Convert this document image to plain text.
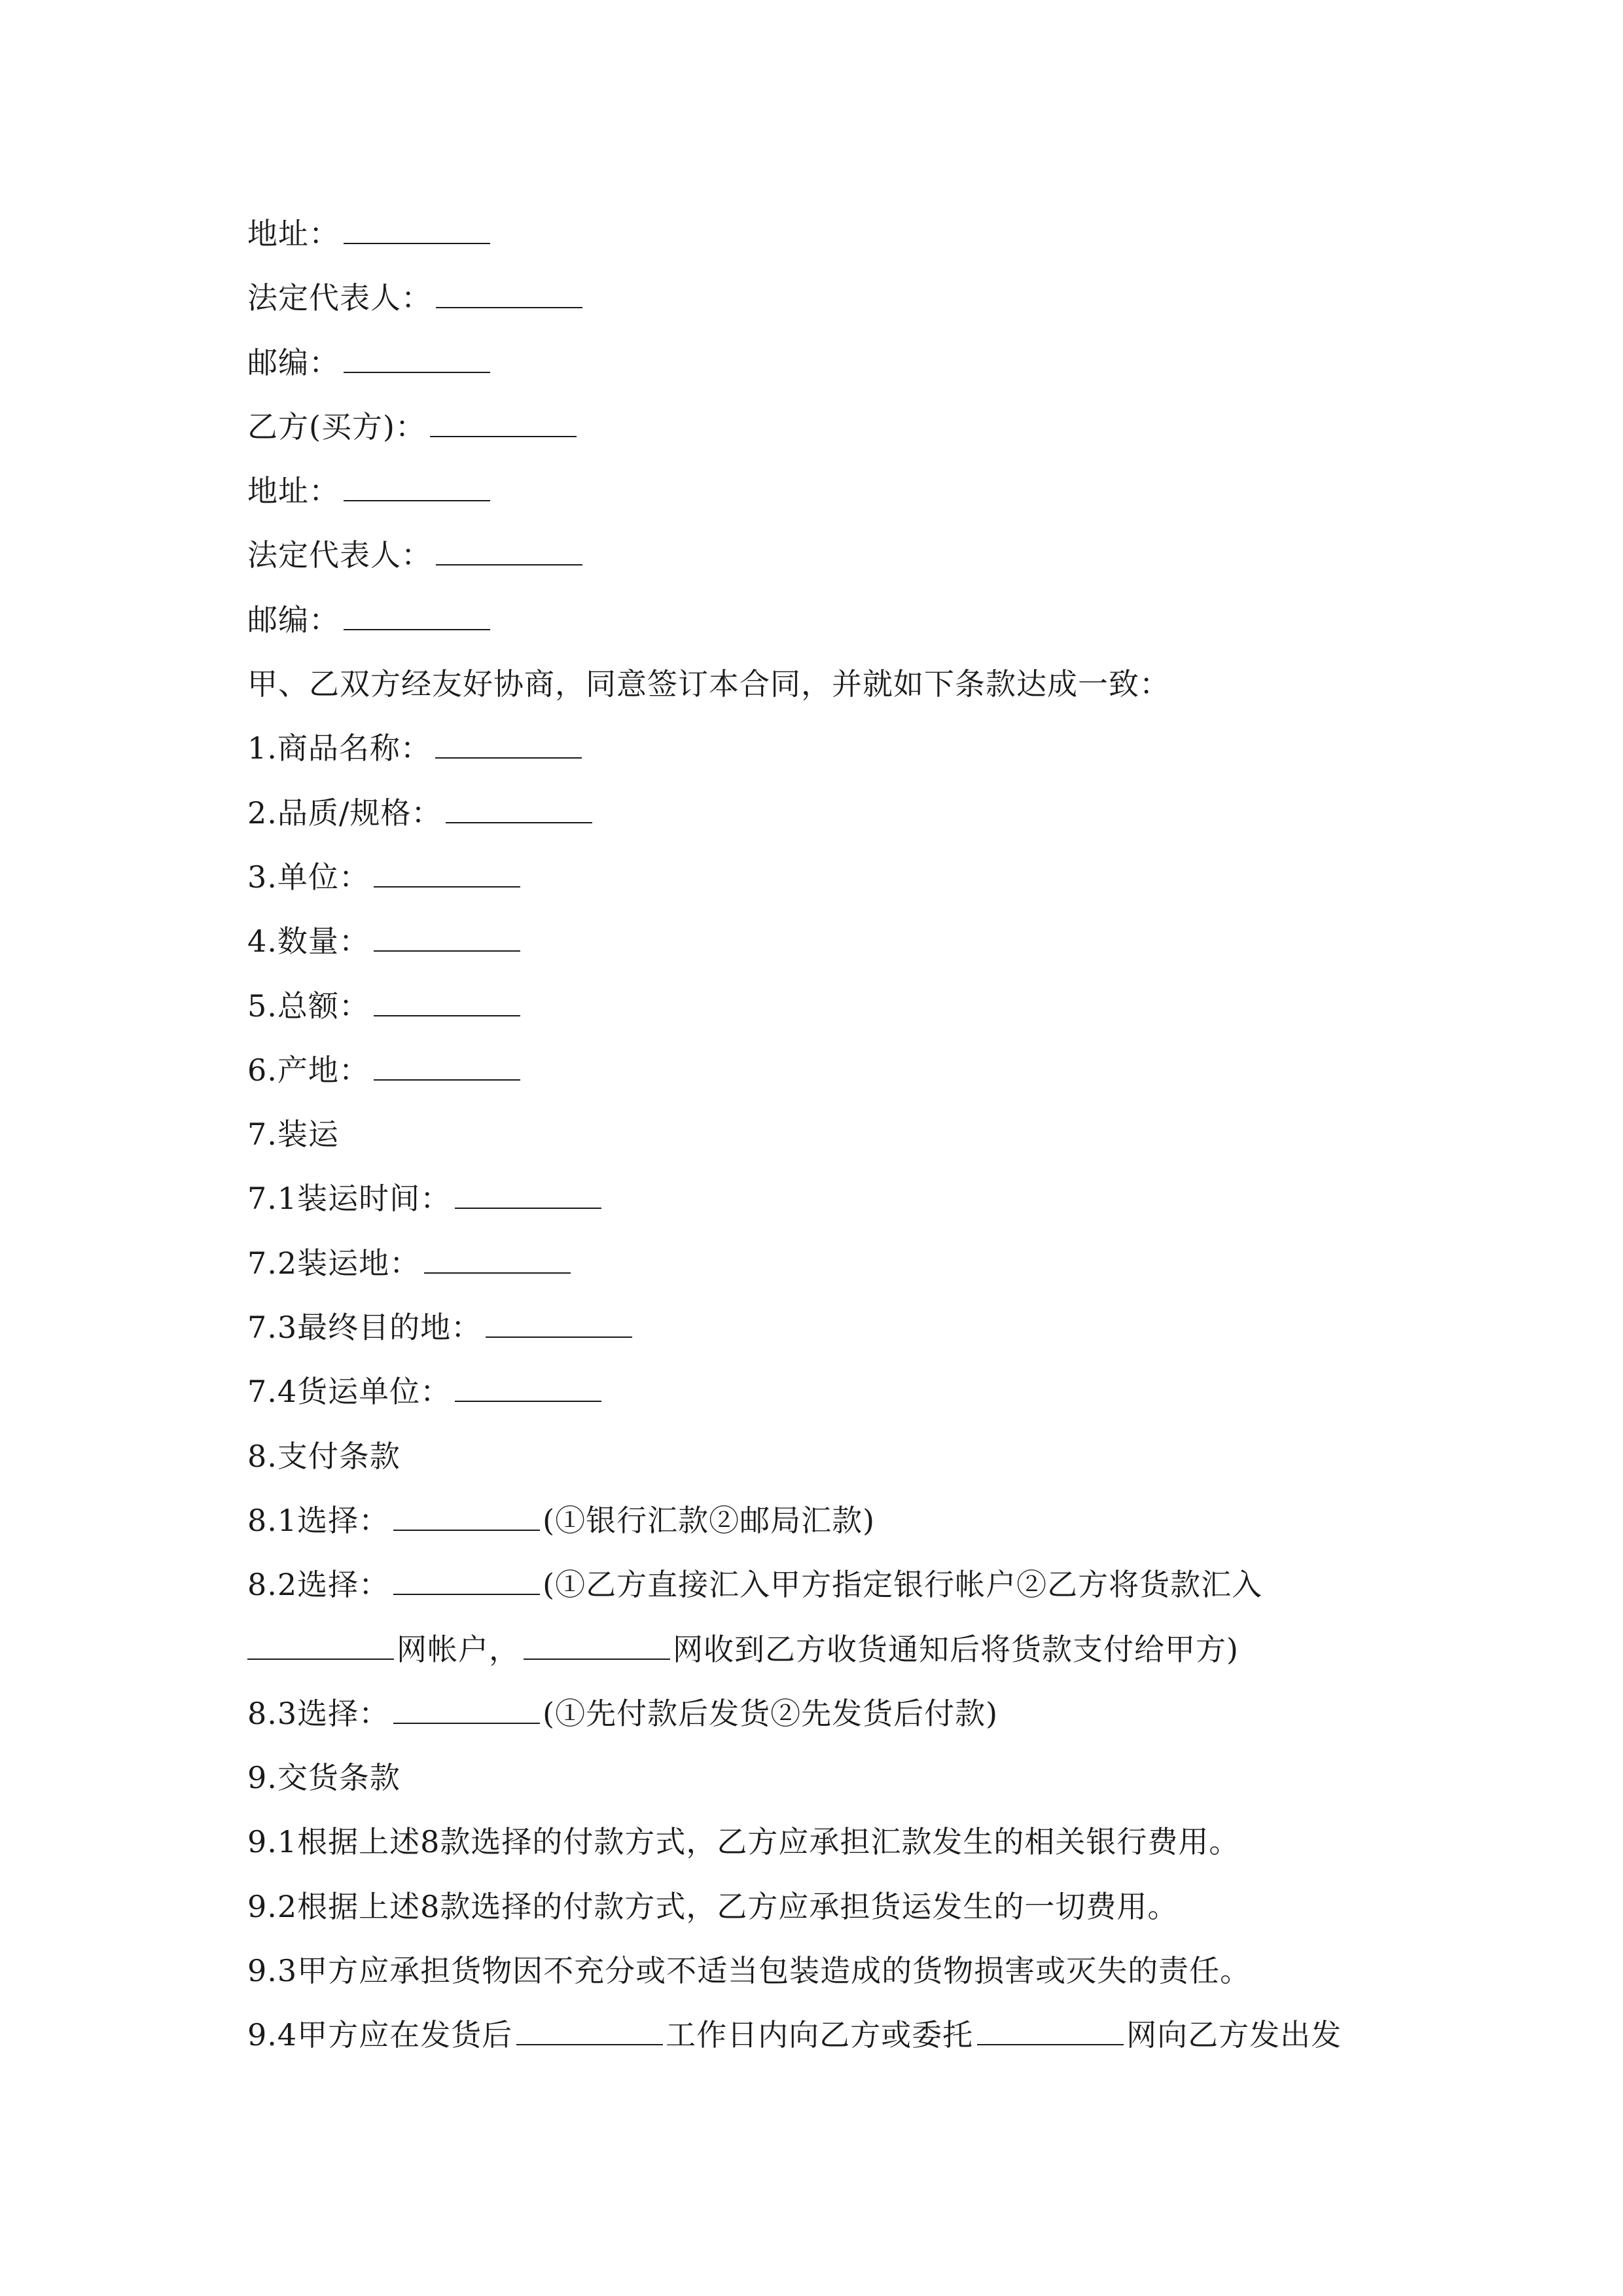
地址：
法定代表人：
邮编：
乙方(买方)：
地址：
法定代表人：
邮编：
甲、乙双方经友好协商，同意签订本合同，并就如下条款达成一致：
1.商品名称：
2.品质/规格：
3.单位：
4.数量：
5.总额：
6.产地：
7.装运
7.1装运时间：
7.2装运地：
7.3最终目的地：
7.4货运单位：
8.支付条款
8.1选择：	(①银行汇款②邮局汇款)
8.2选择：	(①乙方直接汇入甲方指定银行帐户②乙方将货款汇入
网帐户，	网收到乙方收货通知后将货款支付给甲方)
8.3选择：	(①先付款后发货②先发货后付款)
9.交货条款
9.1根据上述8款选择的付款方式，乙方应承担汇款发生的相关银行费用。
9.2根据上述8款选择的付款方式，乙方应承担货运发生的一切费用。
9.3甲方应承担货物因不充分或不适当包装造成的货物损害或灭失的责任。
9.4甲方应在发货后	工作日内向乙方或委托	网向乙方发出发
